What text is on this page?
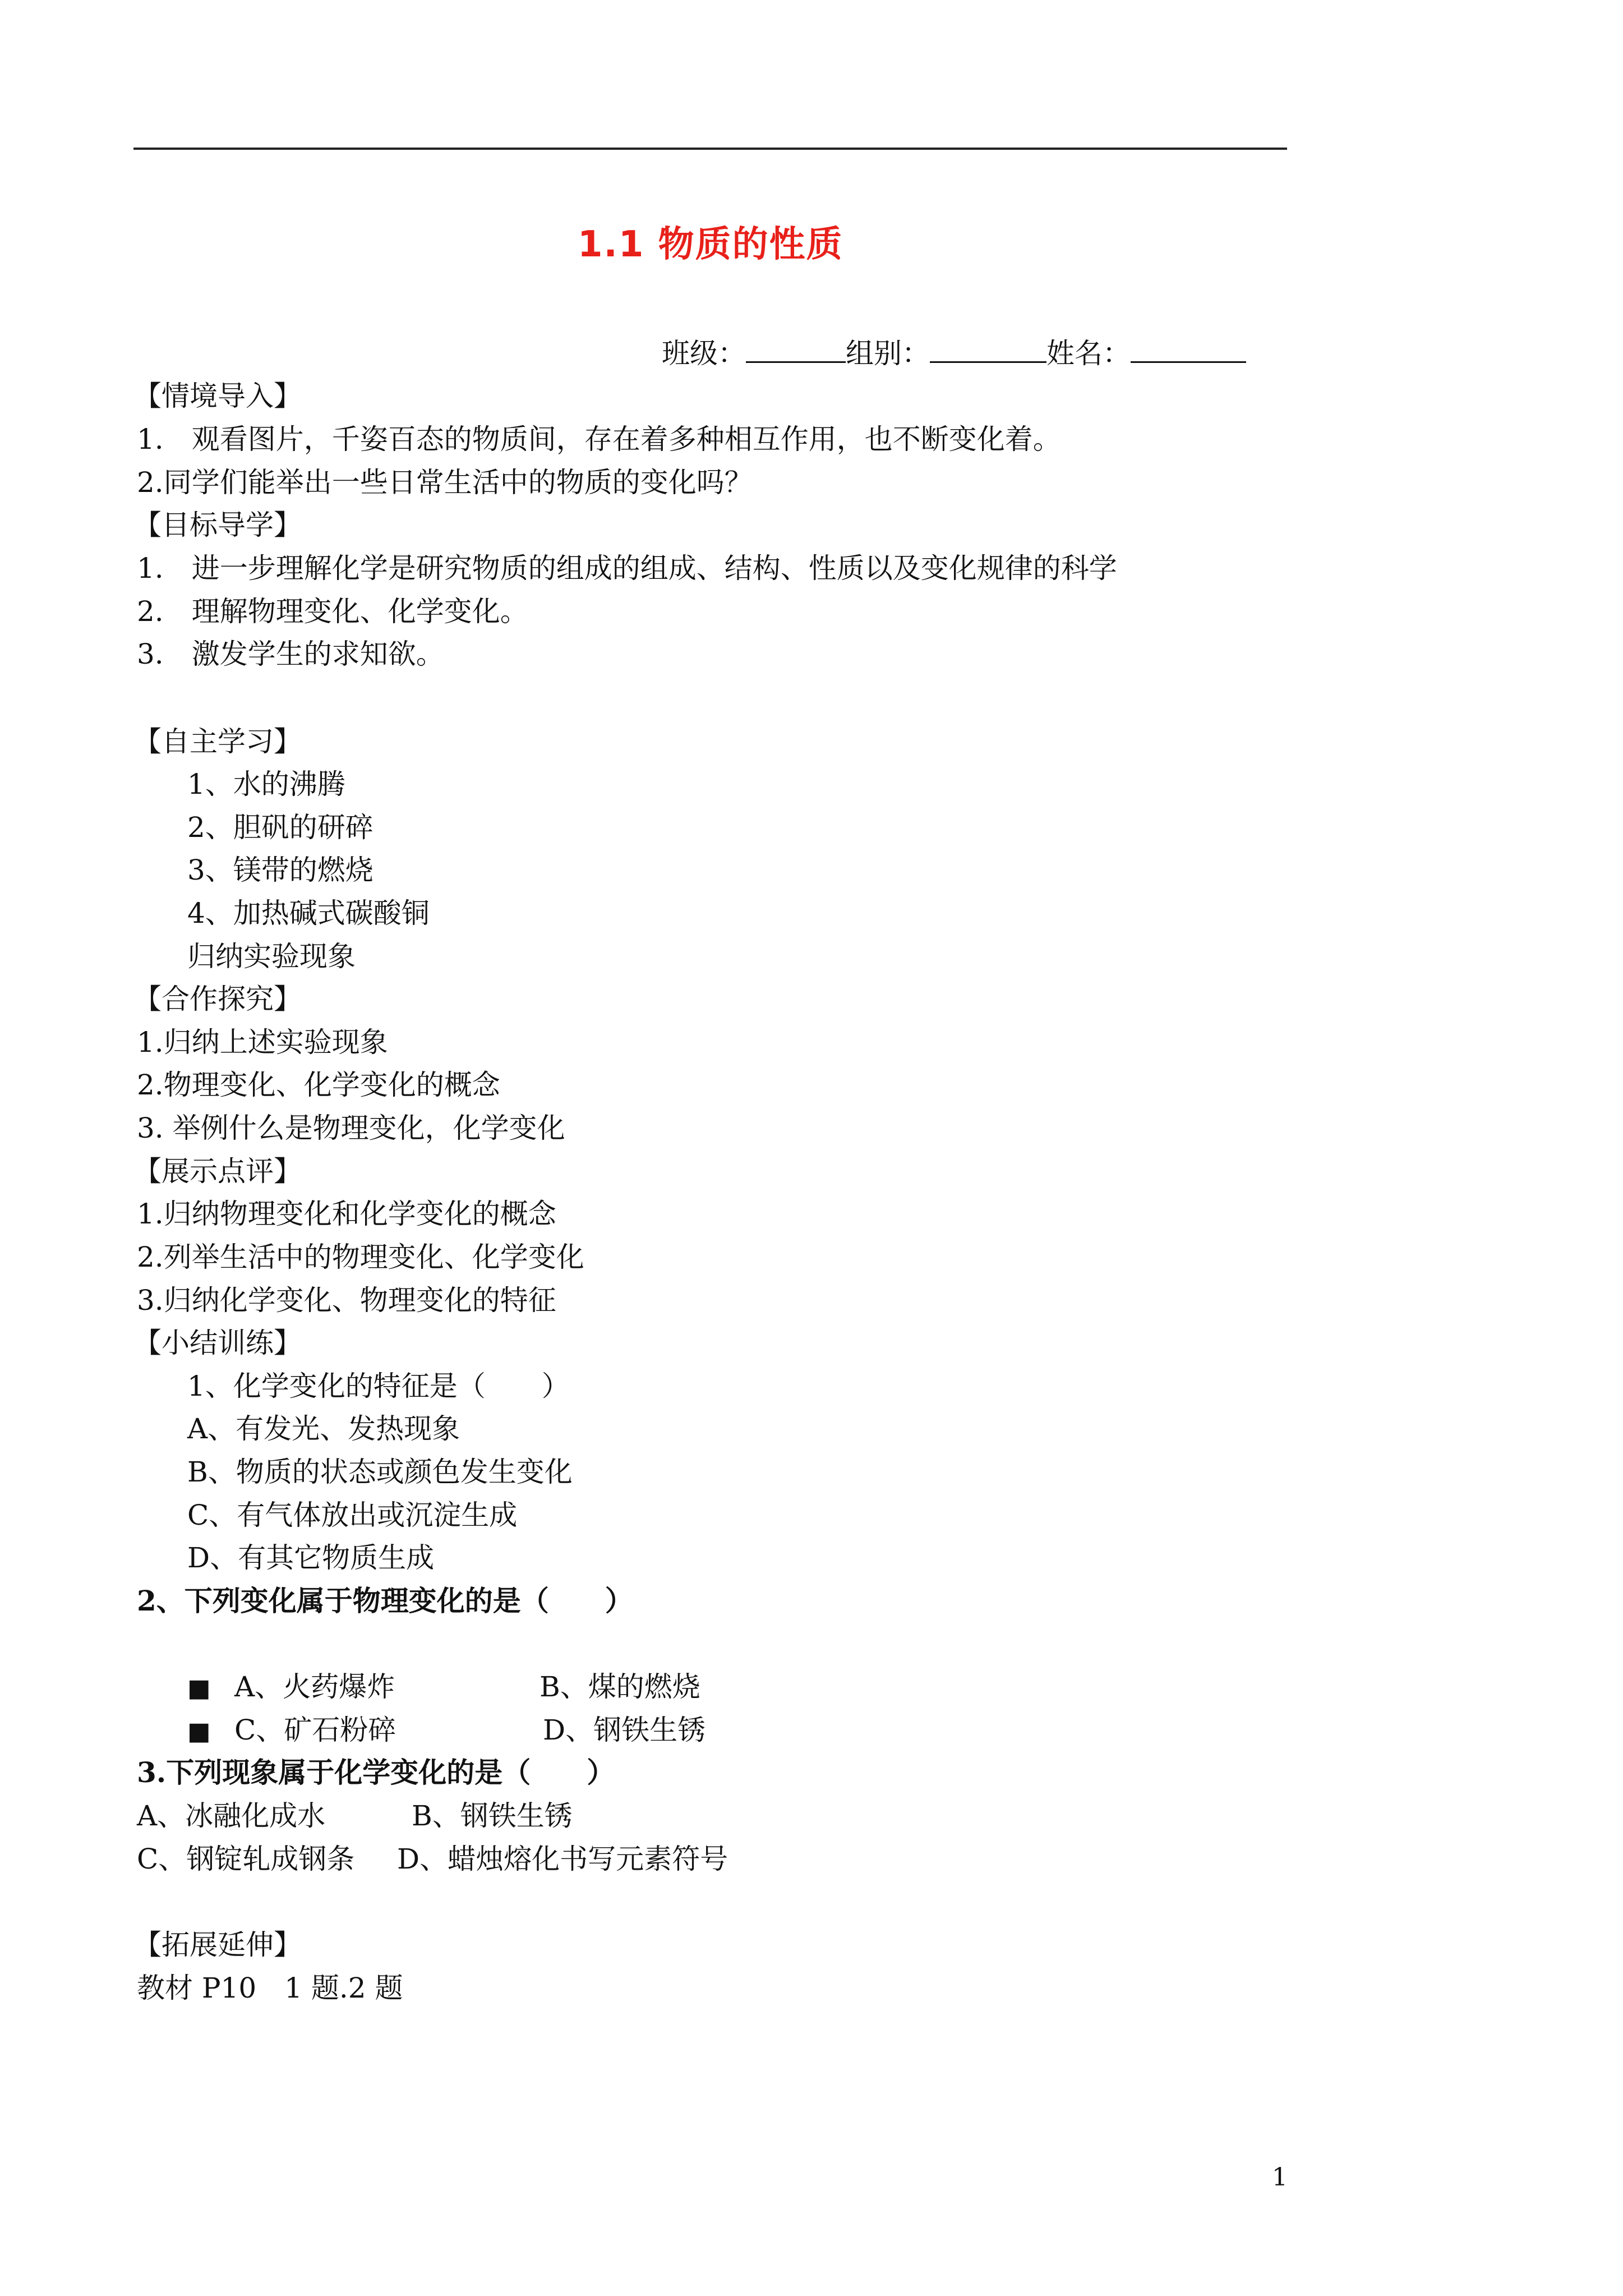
1.1 物质的性质
班级：	组别：	姓名：
【情境导入】
1.　观看图片，千姿百态的物质间，存在着多种相互作用，也不断变化着。
2.同学们能举出一些日常生活中的物质的变化吗？
【目标导学】
1.　进一步理解化学是研究物质的组成的组成、结构、性质以及变化规律的科学
2.　理解物理变化、化学变化。
3.　激发学生的求知欲。
【自主学习】
1、水的沸腾
2、胆矾的研碎
3、镁带的燃烧
4、加热碱式碳酸铜
归纳实验现象
【合作探究】
1.归纳上述实验现象
2.物理变化、化学变化的概念
3. 举例什么是物理变化，化学变化
【展示点评】
1.归纳物理变化和化学变化的概念
2.列举生活中的物理变化、化学变化
3.归纳化学变化、物理变化的特征
【小结训练】
1、化学变化的特征是（　　）
A、有发光、发热现象
B、物质的状态或颜色发生变化
C、有气体放出或沉淀生成
D、有其它物质生成
2、下列变化属于物理变化的是（　　）
■ A、火药爆炸	B、煤的燃烧
■ C、矿石粉碎	D、钢铁生锈
3.下列现象属于化学变化的是（　　）
A、冰融化成水	B、钢铁生锈
C、钢锭轧成钢条 D、蜡烛熔化书写元素符号
【拓展延伸】
教材 P10　1 题.2 题
1
